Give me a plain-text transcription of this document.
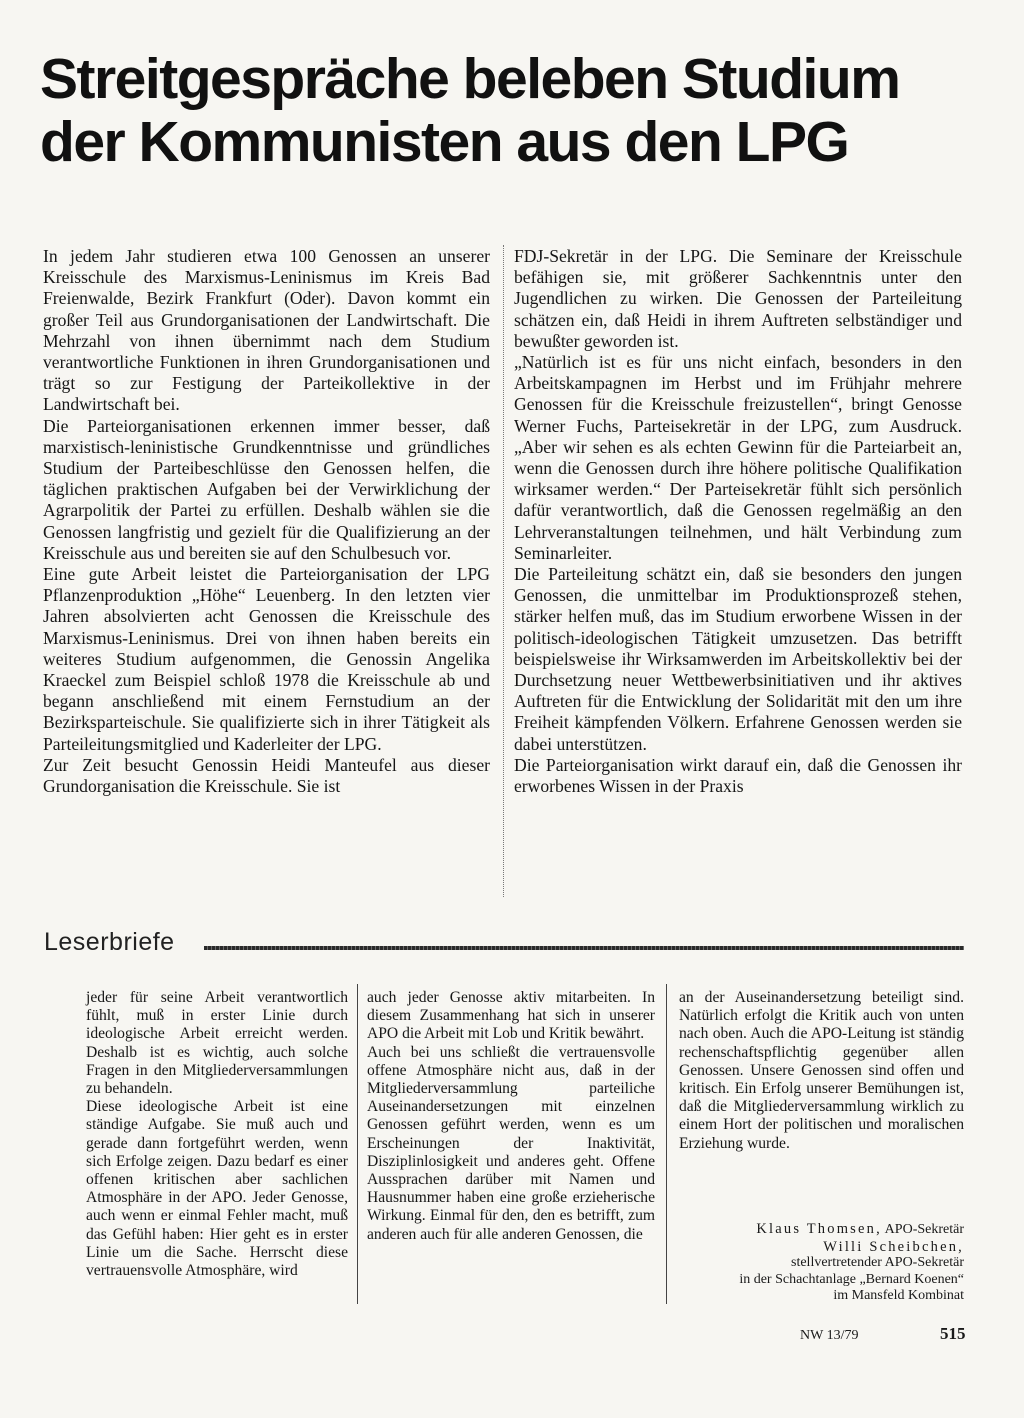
Streitgespräche beleben Studium
der Kommunisten aus den LPG

In jedem Jahr studieren etwa 100 Genossen an unserer Kreisschule des Marxismus-Leninismus im Kreis Bad Freienwalde, Bezirk Frankfurt (Oder). Davon kommt ein großer Teil aus Grundorganisationen der Landwirtschaft. Die Mehrzahl von ihnen übernimmt nach dem Studium verantwortliche Funktionen in ihren Grundorganisationen und trägt so zur Festigung der Parteikollektive in der Landwirtschaft bei.

Die Parteiorganisationen erkennen immer besser, daß marxistisch-leninistische Grundkenntnisse und gründliches Studium der Parteibeschlüsse den Genossen helfen, die täglichen praktischen Aufgaben bei der Verwirklichung der Agrarpolitik der Partei zu erfüllen. Deshalb wählen sie die Genossen langfristig und gezielt für die Qualifizierung an der Kreisschule aus und bereiten sie auf den Schulbesuch vor.

Eine gute Arbeit leistet die Parteiorganisation der LPG Pflanzenproduktion „Höhe“ Leuenberg. In den letzten vier Jahren absolvierten acht Genossen die Kreisschule des Marxismus-Leninismus. Drei von ihnen haben bereits ein weiteres Studium aufgenommen, die Genossin Angelika Kraeckel zum Beispiel schloß 1978 die Kreisschule ab und begann anschließend mit einem Fernstudium an der Bezirksparteischule. Sie qualifizierte sich in ihrer Tätigkeit als Parteileitungsmitglied und Kaderleiter der LPG.

Zur Zeit besucht Genossin Heidi Manteufel aus dieser Grundorganisation die Kreisschule. Sie ist

FDJ-Sekretär in der LPG. Die Seminare der Kreisschule befähigen sie, mit größerer Sachkenntnis unter den Jugendlichen zu wirken. Die Genossen der Parteileitung schätzen ein, daß Heidi in ihrem Auftreten selbständiger und bewußter geworden ist.

„Natürlich ist es für uns nicht einfach, besonders in den Arbeitskampagnen im Herbst und im Frühjahr mehrere Genossen für die Kreisschule freizustellen“, bringt Genosse Werner Fuchs, Parteisekretär in der LPG, zum Ausdruck. „Aber wir sehen es als echten Gewinn für die Parteiarbeit an, wenn die Genossen durch ihre höhere politische Qualifikation wirksamer werden.“ Der Parteisekretär fühlt sich persönlich dafür verantwortlich, daß die Genossen regelmäßig an den Lehrveranstaltungen teilnehmen, und hält Verbindung zum Seminarleiter.

Die Parteileitung schätzt ein, daß sie besonders den jungen Genossen, die unmittelbar im Produktionsprozeß stehen, stärker helfen muß, das im Studium erworbene Wissen in der politisch-ideologischen Tätigkeit umzusetzen. Das betrifft beispielsweise ihr Wirksamwerden im Arbeitskollektiv bei der Durchsetzung neuer Wettbewerbsinitiativen und ihr aktives Auftreten für die Entwicklung der Solidarität mit den um ihre Freiheit kämpfenden Völkern. Erfahrene Genossen werden sie dabei unterstützen.

Die Parteiorganisation wirkt darauf ein, daß die Genossen ihr erworbenes Wissen in der Praxis

Leserbriefe

jeder für seine Arbeit verantwortlich fühlt, muß in erster Linie durch ideologische Arbeit erreicht werden. Deshalb ist es wichtig, auch solche Fragen in den Mitgliederversammlungen zu behandeln.

Diese ideologische Arbeit ist eine ständige Aufgabe. Sie muß auch und gerade dann fortgeführt werden, wenn sich Erfolge zeigen. Dazu bedarf es einer offenen kritischen aber sachlichen Atmosphäre in der APO. Jeder Genosse, auch wenn er einmal Fehler macht, muß das Gefühl haben: Hier geht es in erster Linie um die Sache. Herrscht diese vertrauensvolle Atmosphäre, wird

auch jeder Genosse aktiv mitarbeiten. In diesem Zusammenhang hat sich in unserer APO die Arbeit mit Lob und Kritik bewährt.

Auch bei uns schließt die vertrauensvolle offene Atmosphäre nicht aus, daß in der Mitgliederversammlung parteiliche Auseinandersetzungen mit einzelnen Genossen geführt werden, wenn es um Erscheinungen der Inaktivität, Disziplinlosigkeit und anderes geht. Offene Aussprachen darüber mit Namen und Hausnummer haben eine große erzieherische Wirkung. Einmal für den, den es betrifft, zum anderen auch für alle anderen Genossen, die

an der Auseinandersetzung beteiligt sind. Natürlich erfolgt die Kritik auch von unten nach oben. Auch die APO-Leitung ist ständig rechenschaftspflichtig gegenüber allen Genossen. Unsere Genossen sind offen und kritisch. Ein Erfolg unserer Bemühungen ist, daß die Mitgliederversammlung wirklich zu einem Hort der politischen und moralischen Erziehung wurde.

Klaus Thomsen, APO-Sekretär
Willi Scheibchen,
stellvertretender APO-Sekretär
in der Schachtanlage „Bernard Koenen“
im Mansfeld Kombinat
NW 13/79	515
